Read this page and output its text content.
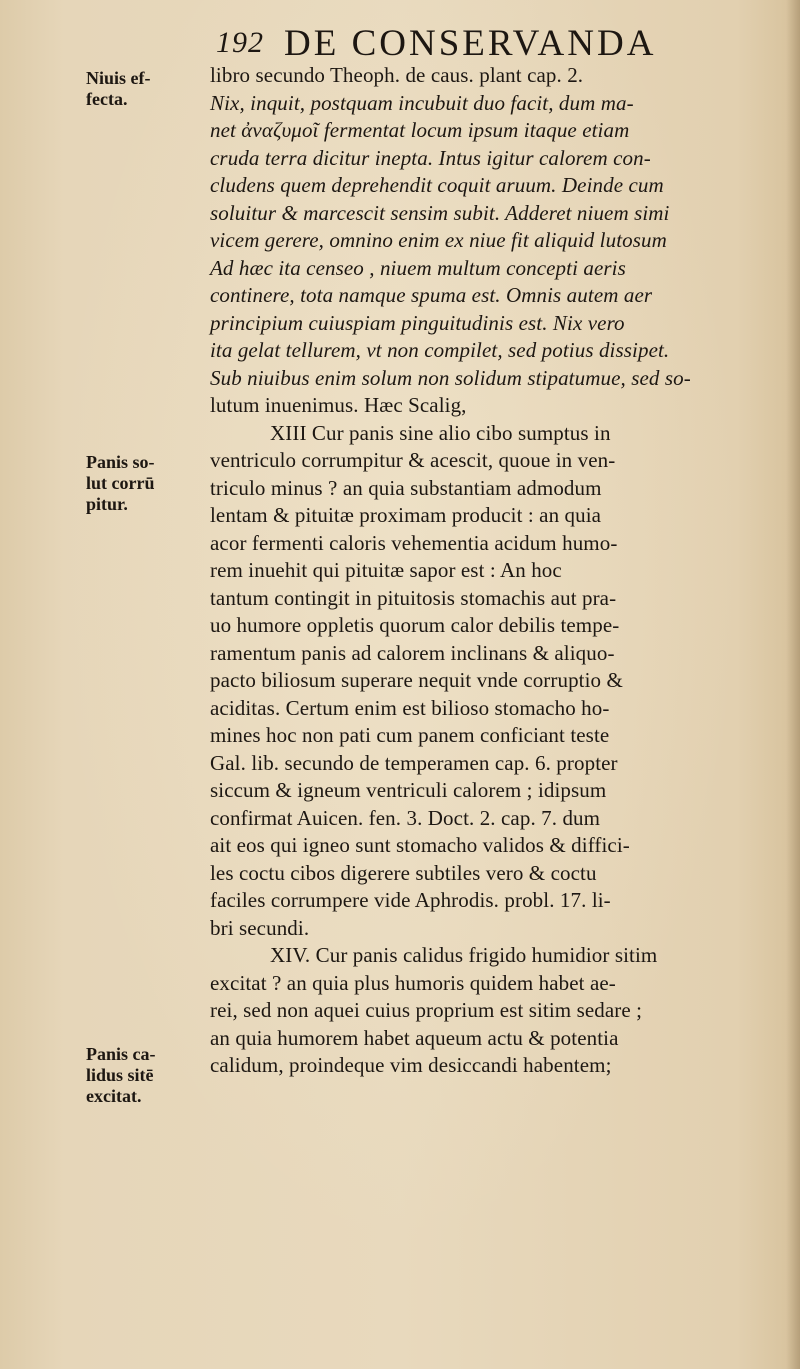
192 DE CONSERVANDA
Niuis ef-
fecta.
Panis so-
lut corrū
pitur.
Panis ca-
lidus sitē
excitat.
libro secundo Theoph. de caus. plant cap. 2.
Nix, inquit, postquam incubuit duo facit, dum ma-
net ἀναζυμοῖ fermentat locum ipsum itaque etiam
cruda terra dicitur inepta. Intus igitur calorem con-
cludens quem deprehendit coquit aruum. Deinde cum
soluitur & marcescit sensim subit. Adderet niuem simi
vicem gerere, omnino enim ex niue fit aliquid lutosum
Ad hæc ita censeo , niuem multum concepti aeris
continere, tota namque spuma est. Omnis autem aer
principium cuiuspiam pinguitudinis est. Nix vero
ita gelat tellurem, vt non compilet, sed potius dissipet.
Sub niuibus enim solum non solidum stipatumue, sed so-
lutum inuenimus. Hæc Scalig,
XIII Cur panis sine alio cibo sumptus in
ventriculo corrumpitur & acescit, quoue in ven-
triculo minus ? an quia substantiam admodum
lentam & pituitæ proximam producit : an quia
acor fermenti caloris vehementia acidum humo-
rem inuehit qui pituitæ sapor est : An hoc
tantum contingit in pituitosis stomachis aut pra-
uo humore oppletis quorum calor debilis tempe-
ramentum panis ad calorem inclinans & aliquo-
pacto biliosum superare nequit vnde corruptio &
aciditas. Certum enim est bilioso stomacho ho-
mines hoc non pati cum panem conficiant teste
Gal. lib. secundo de temperamen cap. 6. propter
siccum & igneum ventriculi calorem ; idipsum
confirmat Auicen. fen. 3. Doct. 2. cap. 7. dum
ait eos qui igneo sunt stomacho validos & diffici-
les coctu cibos digerere subtiles vero & coctu
faciles corrumpere vide Aphrodis. probl. 17. li-
bri secundi.
XIV. Cur panis calidus frigido humidior sitim
excitat ? an quia plus humoris quidem habet ae-
rei, sed non aquei cuius proprium est sitim sedare ;
an quia humorem habet aqueum actu & potentia
calidum, proindeque vim desiccandi habentem;
